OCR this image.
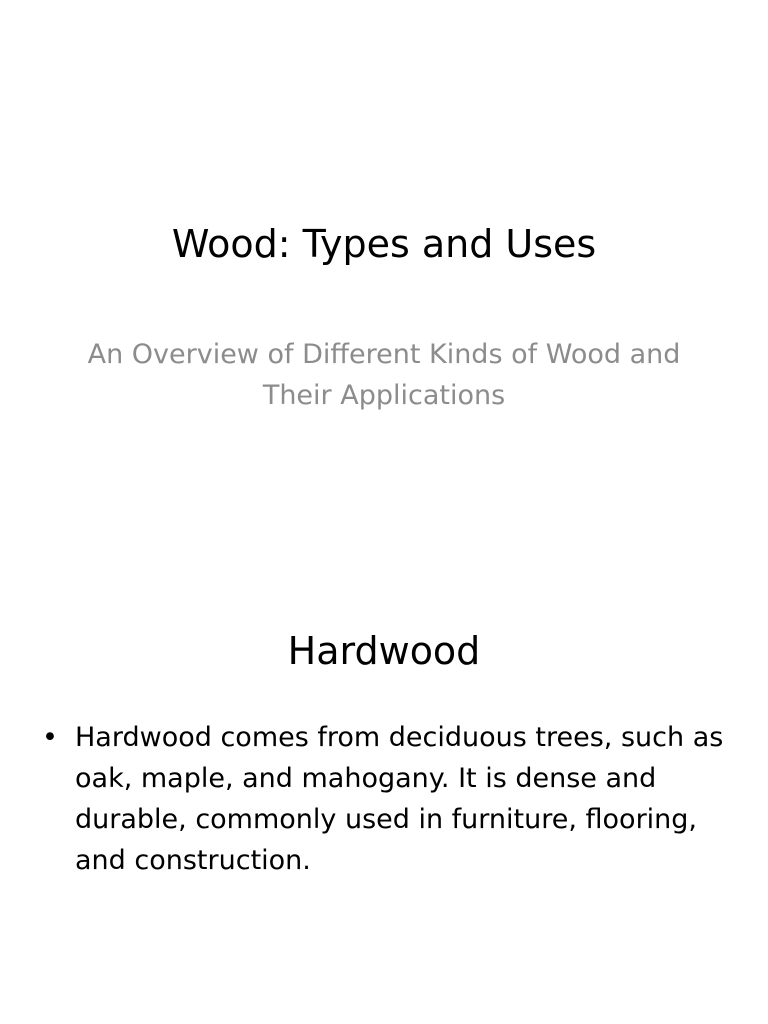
Wood: Types and Uses

An Overview of Different Kinds of Wood and Their Applications

Hardwood
• Hardwood comes from deciduous trees, such as oak, maple, and mahogany. It is dense and durable, commonly used in furniture, flooring, and construction.
